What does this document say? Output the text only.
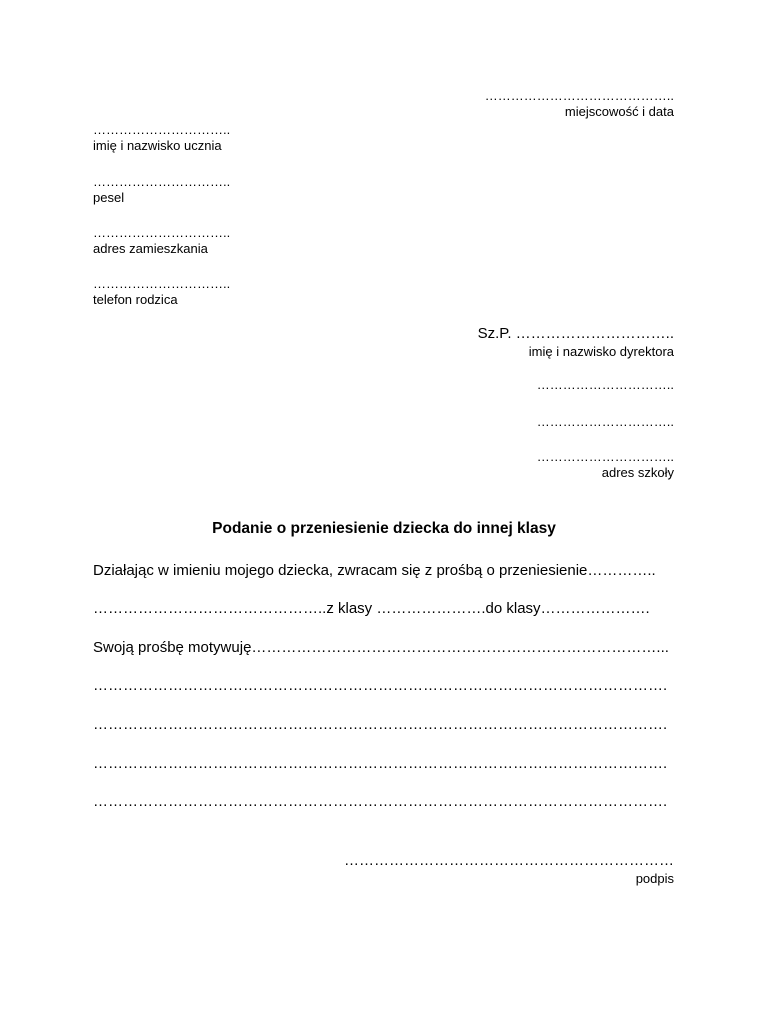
……………………………………..
miejscowość i data
…………………………..
imię i nazwisko ucznia
…………………………..
pesel
…………………………..
adres zamieszkania
…………………………..
telefon rodzica
Sz.P. …………………………..
imię i nazwisko dyrektora
…………………………..
…………………………..
…………………………..
adres szkoły
Podanie o przeniesienie dziecka do innej klasy
Działając w imieniu mojego dziecka, zwracam się z prośbą o przeniesienie…………..
………………………………………..z klasy ………………….do klasy………………….
Swoją prośbę motywuję………………………………………………………………………...
…………………………………………………………………………………………………….
…………………………………………………………………………………………………….
…………………………………………………………………………………………………….
…………………………………………………………………………………………………….
…………………………………………………………
podpis
